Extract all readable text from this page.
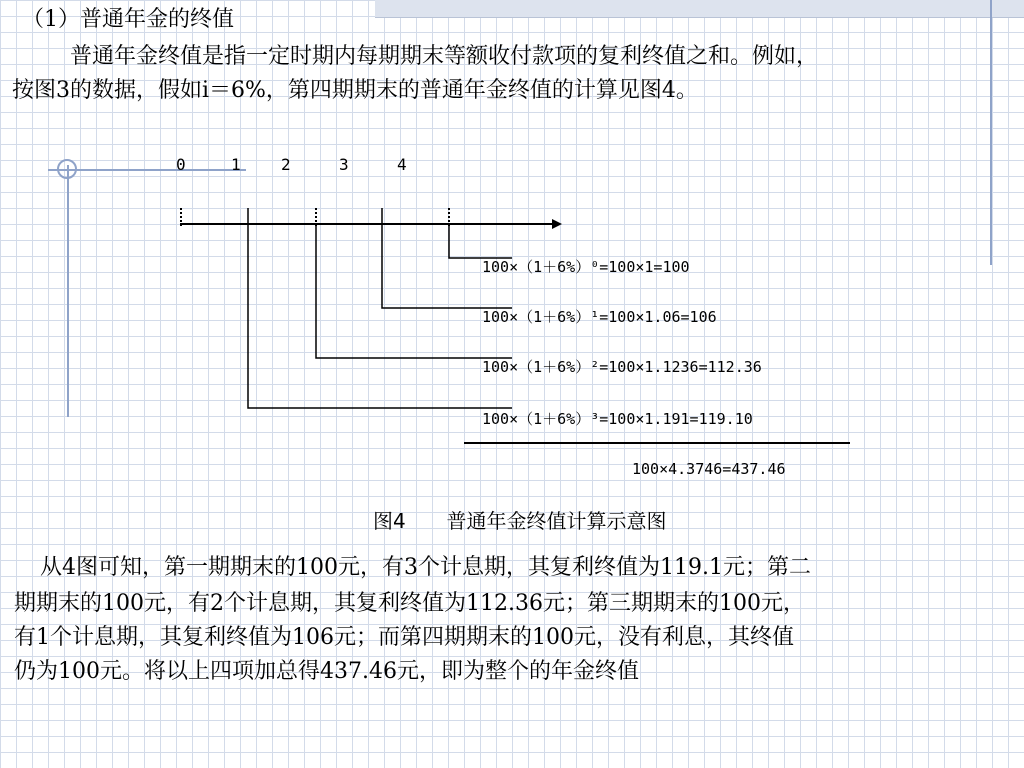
（1）普通年金的终值
普通年金终值是指一定时期内每期期末等额收付款项的复利终值之和。例如，
按图3的数据，假如i＝6%，第四期期末的普通年金终值的计算见图4。
0	1	2	3	4
100×（1＋6%）⁰=100×1=100
100×（1＋6%）¹=100×1.06=106
100×（1＋6%）²=100×1.1236=112.36
100×（1＋6%）³=100×1.191=119.10
100×4.3746=437.46
图4 普通年金终值计算示意图
从4图可知，第一期期末的100元，有3个计息期，其复利终值为119.1元；第二
期期末的100元，有2个计息期，其复利终值为112.36元；第三期期末的100元，
有1个计息期，其复利终值为106元；而第四期期末的100元，没有利息，其终值
仍为100元。将以上四项加总得437.46元，即为整个的年金终值
